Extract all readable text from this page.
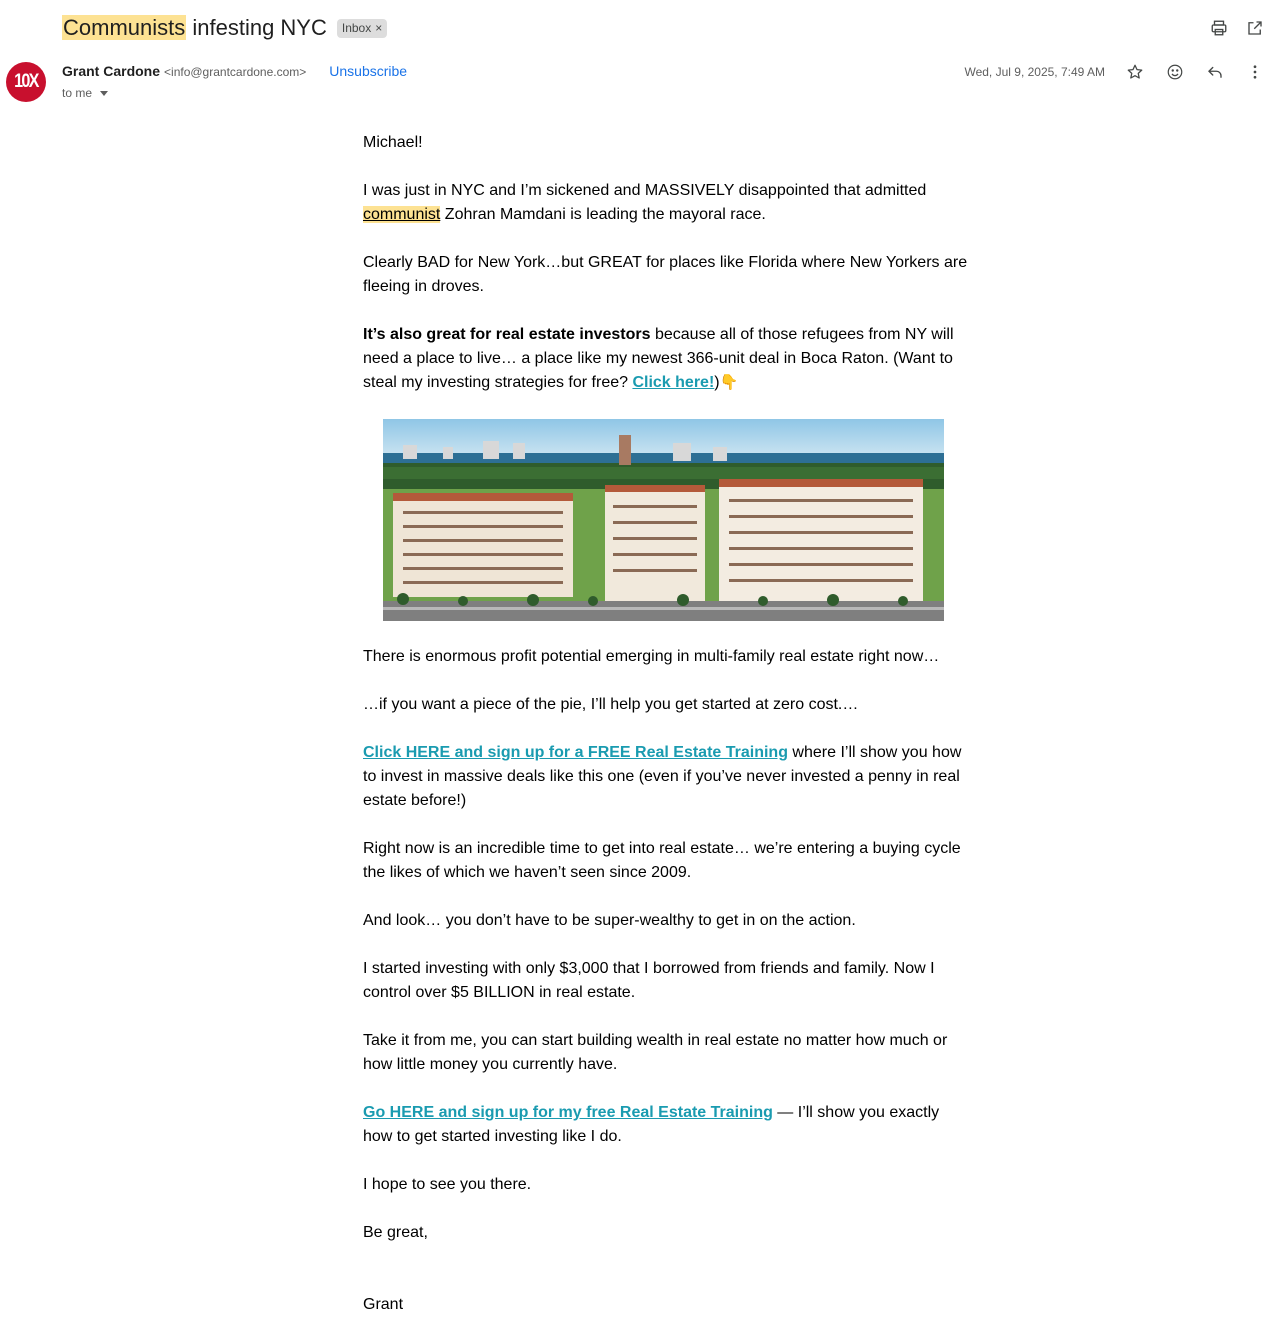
Communists infesting NYC Inbox ×
10X Grant Cardone <info@grantcardone.com> Unsubscribe
to me
Wed, Jul 9, 2025, 7:49 AM

Michael!

I was just in NYC and I’m sickened and MASSIVELY disappointed that admitted communist Zohran Mamdani is leading the mayoral race.

Clearly BAD for New York…but GREAT for places like Florida where New Yorkers are fleeing in droves.

It’s also great for real estate investors because all of those refugees from NY will need a place to live… a place like my newest 366-unit deal in Boca Raton. (Want to steal my investing strategies for free? Click here!)👇

There is enormous profit potential emerging in multi-family real estate right now…

…if you want a piece of the pie, I’ll help you get started at zero cost.…

Click HERE and sign up for a FREE Real Estate Training where I’ll show you how to invest in massive deals like this one (even if you’ve never invested a penny in real estate before!)

Right now is an incredible time to get into real estate… we’re entering a buying cycle the likes of which we haven’t seen since 2009.

And look… you don’t have to be super-wealthy to get in on the action.

I started investing with only $3,000 that I borrowed from friends and family. Now I control over $5 BILLION in real estate.

Take it from me, you can start building wealth in real estate no matter how much or how little money you currently have.

Go HERE and sign up for my free Real Estate Training — I’ll show you exactly how to get started investing like I do.

I hope to see you there.

Be great,

Grant
